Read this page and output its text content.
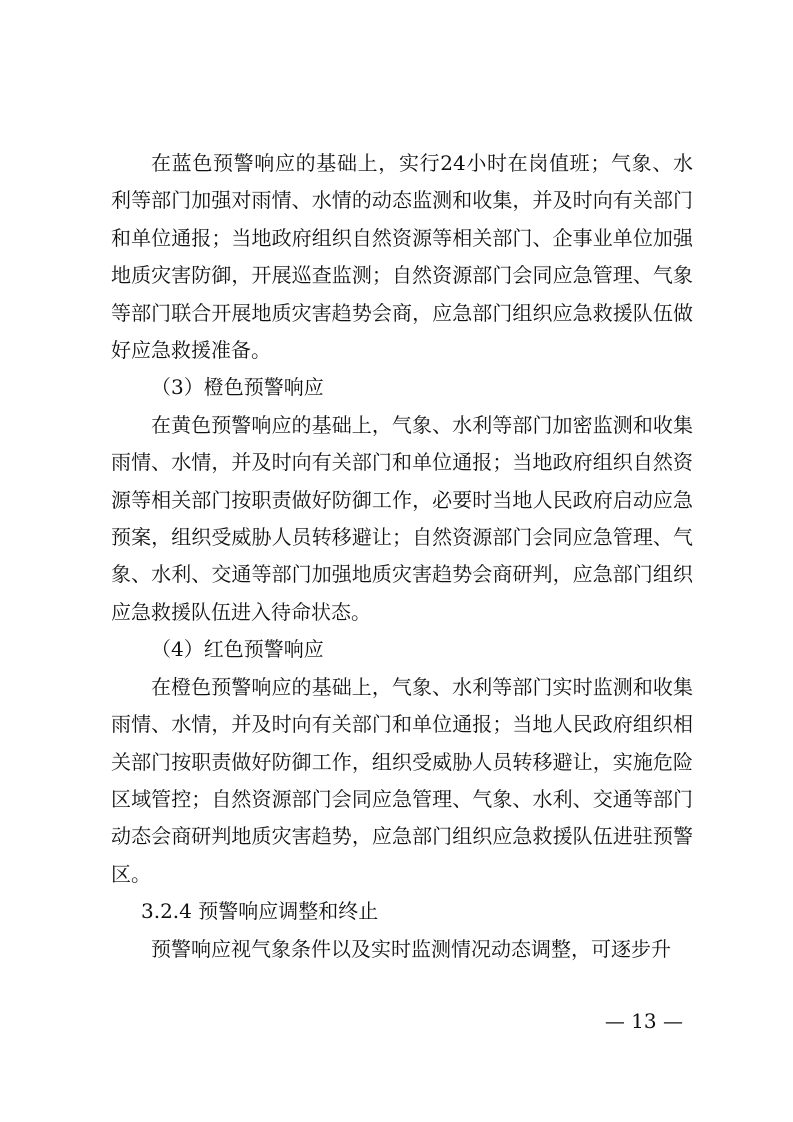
在蓝色预警响应的基础上，实行24小时在岗值班；气象、水利等部门加强对雨情、水情的动态监测和收集，并及时向有关部门和单位通报；当地政府组织自然资源等相关部门、企事业单位加强地质灾害防御，开展巡查监测；自然资源部门会同应急管理、气象等部门联合开展地质灾害趋势会商，应急部门组织应急救援队伍做好应急救援准备。

（3）橙色预警响应

在黄色预警响应的基础上，气象、水利等部门加密监测和收集雨情、水情，并及时向有关部门和单位通报；当地政府组织自然资源等相关部门按职责做好防御工作，必要时当地人民政府启动应急预案，组织受威胁人员转移避让；自然资源部门会同应急管理、气象、水利、交通等部门加强地质灾害趋势会商研判，应急部门组织应急救援队伍进入待命状态。

（4）红色预警响应

在橙色预警响应的基础上，气象、水利等部门实时监测和收集雨情、水情，并及时向有关部门和单位通报；当地人民政府组织相关部门按职责做好防御工作，组织受威胁人员转移避让，实施危险区域管控；自然资源部门会同应急管理、气象、水利、交通等部门动态会商研判地质灾害趋势，应急部门组织应急救援队伍进驻预警区。

3.2.4 预警响应调整和终止

预警响应视气象条件以及实时监测情况动态调整，可逐步升

— 13 —
